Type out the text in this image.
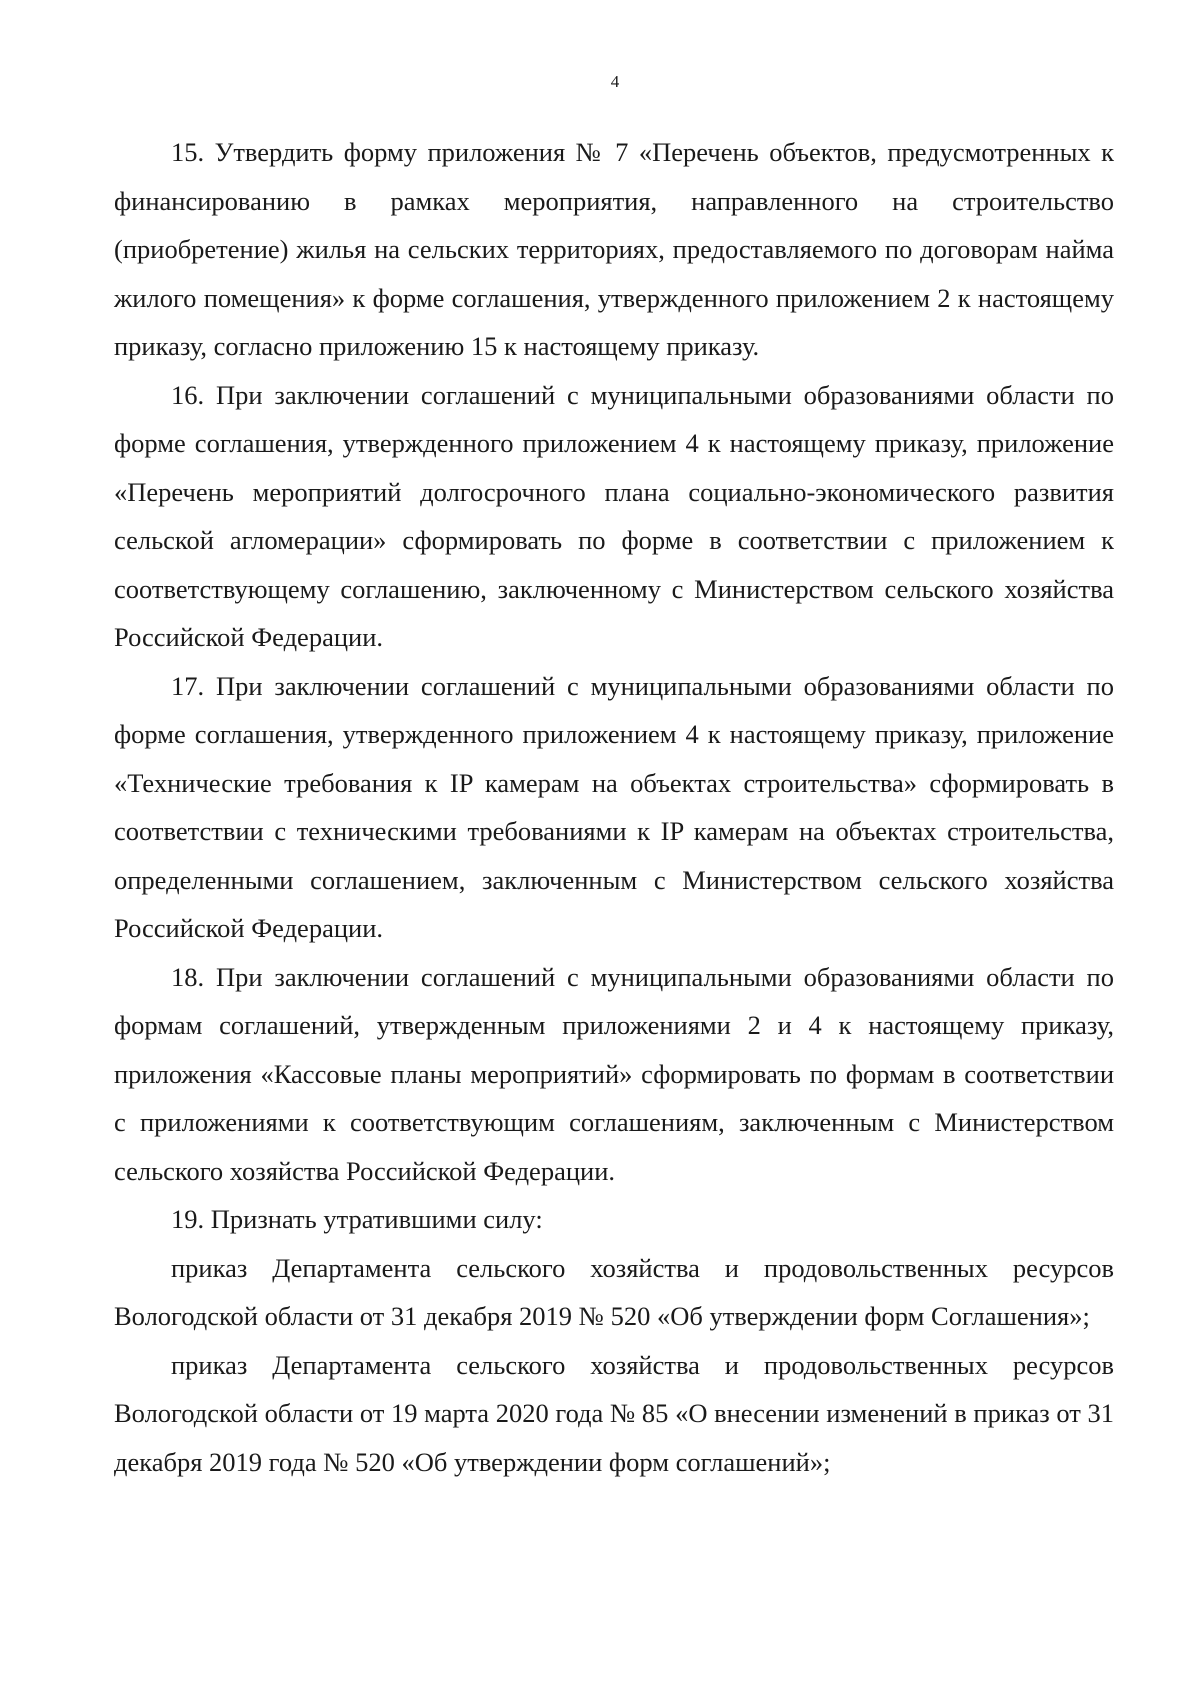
4

15. Утвердить форму приложения № 7 «Перечень объектов, предусмотренных к финансированию в рамках мероприятия, направленного на строительство (приобретение) жилья на сельских территориях, предоставляемого по договорам найма жилого помещения» к форме соглашения, утвержденного приложением 2 к настоящему приказу, согласно приложению 15 к настоящему приказу.

16. При заключении соглашений с муниципальными образованиями области по форме соглашения, утвержденного приложением 4 к настоящему приказу, приложение «Перечень мероприятий долгосрочного плана социально-экономического развития сельской агломерации» сформировать по форме в соответствии с приложением к соответствующему соглашению, заключенному с Министерством сельского хозяйства Российской Федерации.

17. При заключении соглашений с муниципальными образованиями области по форме соглашения, утвержденного приложением 4 к настоящему приказу, приложение «Технические требования к IP камерам на объектах строительства» сформировать в соответствии с техническими требованиями к IP камерам на объектах строительства, определенными соглашением, заключенным с Министерством сельского хозяйства Российской Федерации.

18. При заключении соглашений с муниципальными образованиями области по формам соглашений, утвержденным приложениями 2 и 4 к настоящему приказу, приложения «Кассовые планы мероприятий» сформировать по формам в соответствии с приложениями к соответствующим соглашениям, заключенным с Министерством сельского хозяйства Российской Федерации.

19. Признать утратившими силу:

приказ Департамента сельского хозяйства и продовольственных ресурсов Вологодской области от 31 декабря 2019 № 520 «Об утверждении форм Соглашения»;

приказ Департамента сельского хозяйства и продовольственных ресурсов Вологодской области от 19 марта 2020 года № 85 «О внесении изменений в приказ от 31 декабря 2019 года № 520 «Об утверждении форм соглашений»;
